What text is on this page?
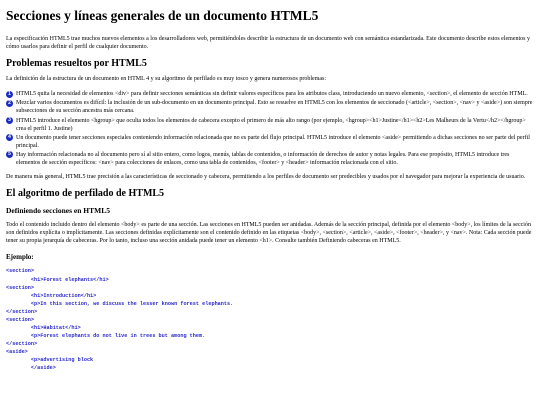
Secciones y líneas generales de un documento HTML5

La especificación HTML5 trae muchos nuevos elementos a los desarrolladores web, permitiéndoles describir la estructura de un documento web con semántica estandarizada. Este documento describe estos elementos y cómo usarlos para definir el perfil de cualquier documento.

Problemas resueltos por HTML5

La definición de la estructura de un documento en HTML 4 y su algoritmo de perfilado es muy tosco y genera numerosos problemas:

1 HTML5 quita la necesidad de elementos <div> para definir secciones semánticas sin definir valores específicos para los atributos class, introduciendo un nuevo elemento, <section>, el elemento de sección HTML.
2 Mezclar varios documentos es difícil: la inclusión de un sub-documento en un documento principal. Esto se resuelve en HTML5 con los elementos de seccionado (<article>, <section>, <nav> y <aside>) son siempre subsecciones de su sección ancestra más cercana.
3 HTML5 introduce el elemento <hgroup> que oculta todos los elementos de cabecera excepto el primero de más alto rango (por ejemplo, <hgroup><h1>Justine</h1><h2>Les Malheurs de la Vertu</h2></hgroup> crea el perfil 1. Justine)
4 Un documento puede tener secciones especiales conteniendo información relacionada que no es parte del flujo principal. HTML5 introduce el elemento <aside> permitiendo a dichas secciones no ser parte del perfil principal.
5 Hay información relacionada no al documento pero sí al sitio entero, como logos, menús, tablas de contenidos, o información de derechos de autor y notas legales. Para ese propósito, HTML5 introduce tres elementos de sección específicos: <nav> para colecciones de enlaces, como una tabla de contenidos, <footer> y <header> información relacionada con el sitio.

De manera más general, HTML5 trae precisión a las características de seccionado y cabecera, permitiendo a los perfiles de documento ser predecibles y usados por el navegador para mejorar la experiencia de usuario.

El algoritmo de perfilado de HTML5
Definiendo secciones en HTML5

Todo el contenido incluido dentro del elemento <body> es parte de una sección. Las secciones en HTML5 pueden ser anidadas. Además de la sección principal, definida por el elemento <body>, los límites de la sección son definidos explícita o implícitamente. Las secciones definidas explícitamente son el contenido definido en las etiquetas <body>, <section>, <article>, <aside>, <footer>, <header>, y <nav>. Nota: Cada sección puede tener su propia jerarquía de cabeceras. Por lo tanto, incluso una sección anidada puede tener un elemento <h1>. Consulte también Definiendo cabeceras en HTML5.

Ejemplo:
<section>
<h1>Forest elephants</h1>
<section>
<h1>Introduction</h1>
<p>In this section, we discuss the lesser known forest elephants.
</section>
<section>
<h1>Habitat</h1>
<p>Forest elephants do not live in trees but among them.
</section>
<aside>
<p>advertising block
</aside>
